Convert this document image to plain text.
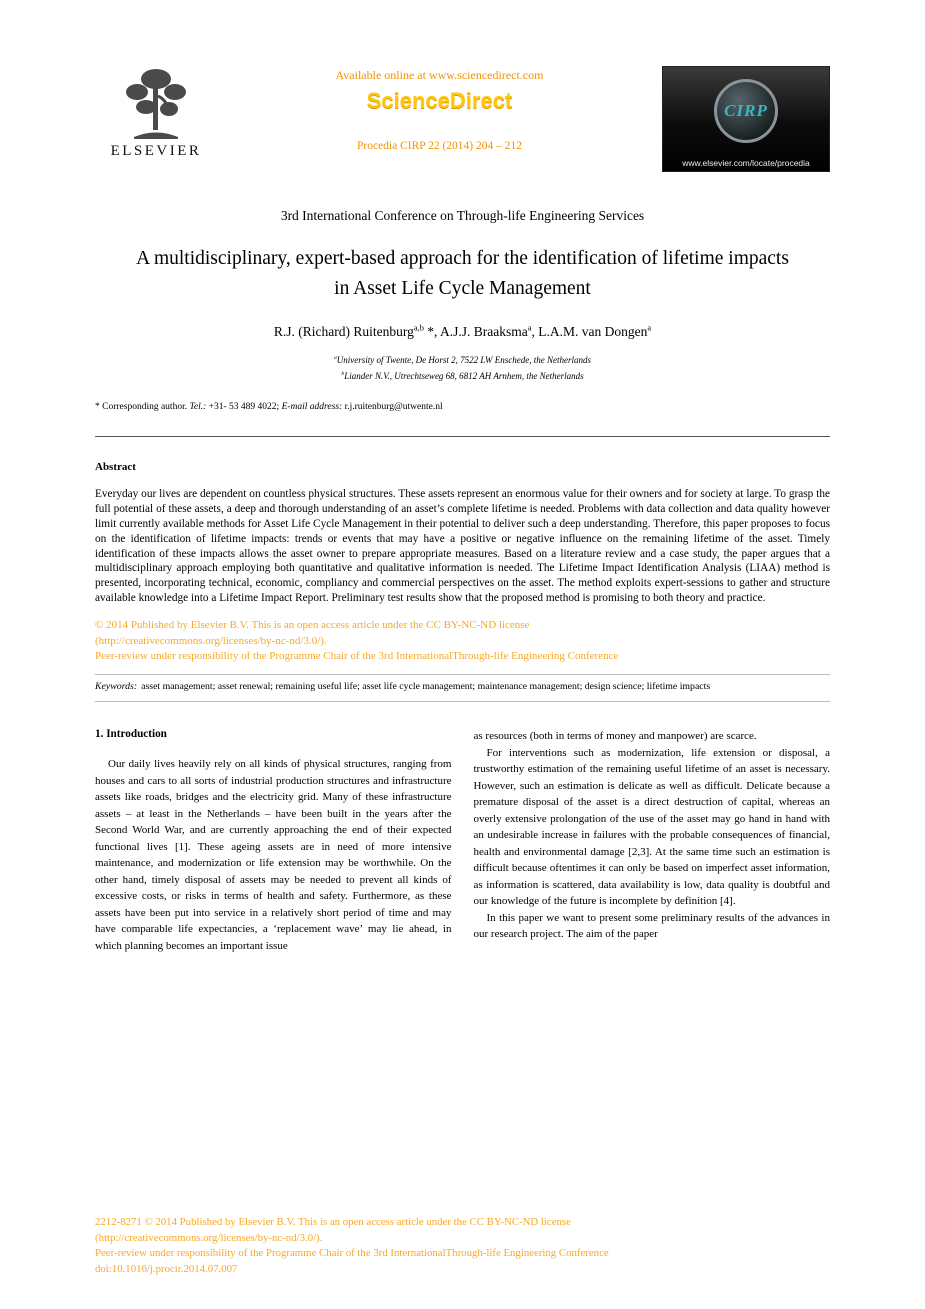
ELSEVIER
Available online at www.sciencedirect.com
ScienceDirect
Procedia CIRP 22 (2014) 204 – 212
CIRP
www.elsevier.com/locate/procedia
3rd International Conference on Through-life Engineering Services
A multidisciplinary, expert-based approach for the identification of lifetime impacts in Asset Life Cycle Management
R.J. (Richard) Ruitenburg$^{a,b}$ *, A.J.J. Braaksma$^a$, L.A.M. van Dongen$^a$
$^a$University of Twente, De Horst 2, 7522 LW Enschede, the Netherlands
$^b$Liander N.V., Utrechtseweg 68, 6812 AH Arnhem, the Netherlands
* Corresponding author. Tel.: +31- 53 489 4022; E-mail address: r.j.ruitenburg@utwente.nl
Abstract

Everyday our lives are dependent on countless physical structures. These assets represent an enormous value for their owners and for society at large. To grasp the full potential of these assets, a deep and thorough understanding of an asset’s complete lifetime is needed. Problems with data collection and data quality however limit currently available methods for Asset Life Cycle Management in their potential to deliver such a deep understanding. Therefore, this paper proposes to focus on the identification of lifetime impacts: trends or events that may have a positive or negative influence on the remaining lifetime of the asset. Timely identification of these impacts allows the asset owner to prepare appropriate measures. Based on a literature review and a case study, the paper argues that a multidisciplinary approach employing both quantitative and qualitative information is needed. The Lifetime Impact Identification Analysis (LIAA) method is presented, incorporating technical, economic, compliancy and commercial perspectives on the asset. The method exploits expert-sessions to gather and structure available knowledge into a Lifetime Impact Report. Preliminary test results show that the proposed method is promising to both theory and practice.

© 2014 Published by Elsevier B.V. This is an open access article under the CC BY-NC-ND license
(http://creativecommons.org/licenses/by-nc-nd/3.0/).
Peer-review under responsibility of the Programme Chair of the 3rd InternationalThrough-life Engineering Conference
Keywords: asset management; asset renewal; remaining useful life; asset life cycle management; maintenance management; design science; lifetime impacts
1. Introduction

Our daily lives heavily rely on all kinds of physical structures, ranging from houses and cars to all sorts of industrial production structures and infrastructure assets like roads, bridges and the electricity grid. Many of these infrastructure assets – at least in the Netherlands – have been built in the years after the Second World War, and are currently approaching the end of their expected functional lives [1]. These ageing assets are in need of more intensive maintenance, and modernization or life extension may be worthwhile. On the other hand, timely disposal of assets may be needed to prevent all kinds of excessive costs, or risks in terms of health and safety. Furthermore, as these assets have been put into service in a relatively short period of time and may have comparable life expectancies, a ‘replacement wave’ may lie ahead, in which planning becomes an important issue

as resources (both in terms of money and manpower) are scarce.

For interventions such as modernization, life extension or disposal, a trustworthy estimation of the remaining useful lifetime of an asset is necessary. However, such an estimation is delicate as well as difficult. Delicate because a premature disposal of the asset is a direct destruction of capital, whereas an overly extensive prolongation of the use of the asset may go hand in hand with an undesirable increase in failures with the probable consequences of financial, health and environmental damage [2,3]. At the same time such an estimation is difficult because oftentimes it can only be based on imperfect asset information, as information is scattered, data availability is low, data quality is doubtful and our knowledge of the future is incomplete by definition [4].

In this paper we want to present some preliminary results of the advances in our research project. The aim of the paper

2212-8271 © 2014 Published by Elsevier B.V. This is an open access article under the CC BY-NC-ND license
(http://creativecommons.org/licenses/by-nc-nd/3.0/).
Peer-review under responsibility of the Programme Chair of the 3rd InternationalThrough-life Engineering Conference
doi:10.1016/j.procir.2014.07.007
